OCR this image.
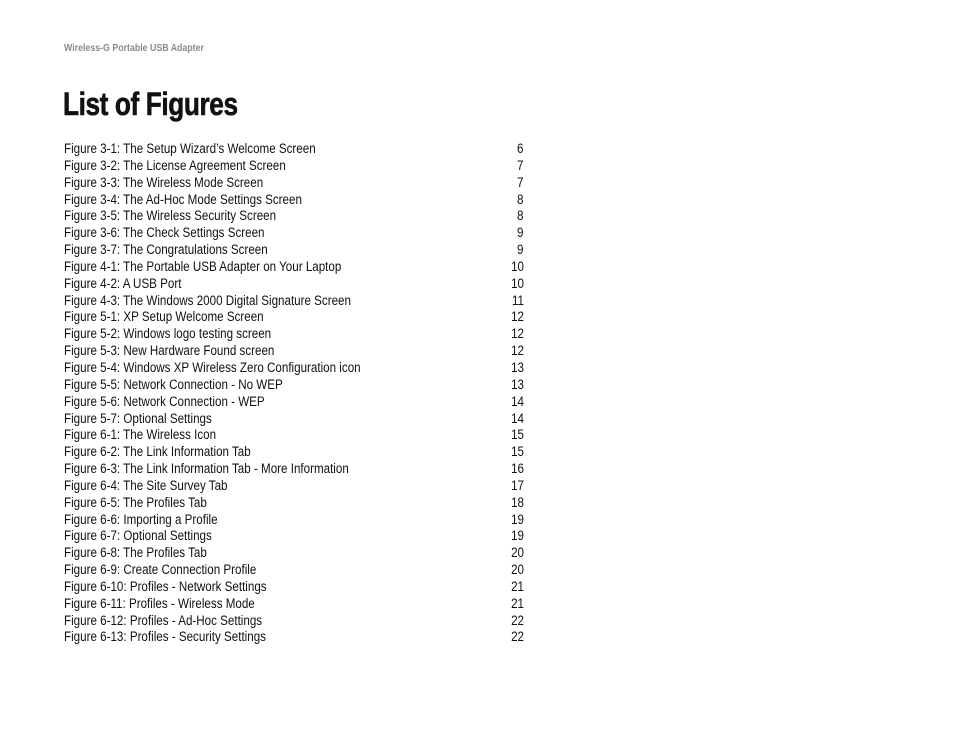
Wireless-G Portable USB Adapter
List of Figures
Figure 3-1: The Setup Wizard’s Welcome Screen	6
Figure 3-2: The License Agreement Screen	7
Figure 3-3: The Wireless Mode Screen	7
Figure 3-4: The Ad-Hoc Mode Settings Screen	8
Figure 3-5: The Wireless Security Screen	8
Figure 3-6: The Check Settings Screen	9
Figure 3-7: The Congratulations Screen	9
Figure 4-1: The Portable USB Adapter on Your Laptop	10
Figure 4-2: A USB Port	10
Figure 4-3: The Windows 2000 Digital Signature Screen	11
Figure 5-1: XP Setup Welcome Screen	12
Figure 5-2: Windows logo testing screen	12
Figure 5-3: New Hardware Found screen	12
Figure 5-4: Windows XP Wireless Zero Configuration icon	13
Figure 5-5: Network Connection - No WEP	13
Figure 5-6: Network Connection - WEP	14
Figure 5-7: Optional Settings	14
Figure 6-1: The Wireless Icon	15
Figure 6-2: The Link Information Tab	15
Figure 6-3: The Link Information Tab - More Information	16
Figure 6-4: The Site Survey Tab	17
Figure 6-5: The Profiles Tab	18
Figure 6-6: Importing a Profile	19
Figure 6-7: Optional Settings	19
Figure 6-8: The Profiles Tab	20
Figure 6-9: Create Connection Profile	20
Figure 6-10: Profiles - Network Settings	21
Figure 6-11: Profiles - Wireless Mode	21
Figure 6-12: Profiles - Ad-Hoc Settings	22
Figure 6-13: Profiles - Security Settings	22
